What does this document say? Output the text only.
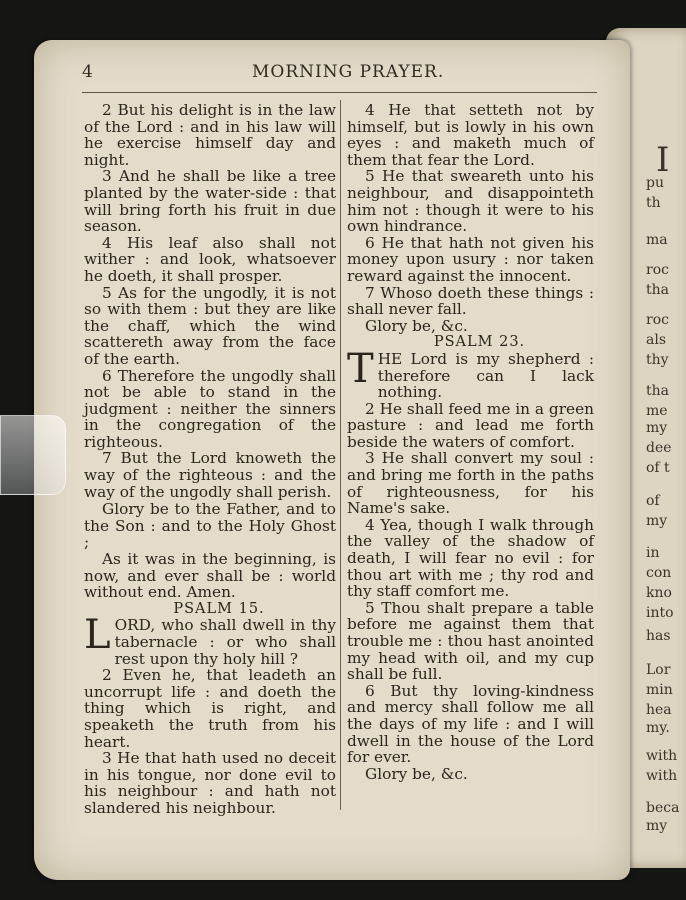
I
pu
th
ma
roc
tha
roc
als
thy
tha
me
my
dee
of t
of
my
in
con
kno
into
has
Lor
min
hea
my.
with
with
beca
my
4	MORNING PRAYER.

2 But his delight is in the law of the Lord : and in his law will he exercise himself day and night.

3 And he shall be like a tree planted by the water-side : that will bring forth his fruit in due season.

4 His leaf also shall not wither : and look, whatsoever he doeth, it shall prosper.

5 As for the ungodly, it is not so with them : but they are like the chaff, which the wind scattereth away from the face of the earth.

6 Therefore the ungodly shall not be able to stand in the judgment : neither the sinners in the congregation of the righteous.

7 But the Lord knoweth the way of the righteous : and the way of the ungodly shall perish.

Glory be to the Father, and to the Son : and to the Holy Ghost ;

As it was in the beginning, is now, and ever shall be : world without end. Amen.

PSALM 15.

LORD, who shall dwell in thy tabernacle : or who shall rest upon thy holy hill ?

2 Even he, that leadeth an uncorrupt life : and doeth the thing which is right, and speaketh the truth from his heart.

3 He that hath used no deceit in his tongue, nor done evil to his neighbour : and hath not slandered his neighbour.

4 He that setteth not by himself, but is lowly in his own eyes : and maketh much of them that fear the Lord.

5 He that sweareth unto his neighbour, and disappointeth him not : though it were to his own hindrance.

6 He that hath not given his money upon usury : nor taken reward against the innocent.

7 Whoso doeth these things : shall never fall.

Glory be, &c.

PSALM 23.

THE Lord is my shepherd : therefore can I lack nothing.

2 He shall feed me in a green pasture : and lead me forth beside the waters of comfort.

3 He shall convert my soul : and bring me forth in the paths of righteousness, for his Name's sake.

4 Yea, though I walk through the valley of the shadow of death, I will fear no evil : for thou art with me ; thy rod and thy staff comfort me.

5 Thou shalt prepare a table before me against them that trouble me : thou hast anointed my head with oil, and my cup shall be full.

6 But thy loving-kindness and mercy shall follow me all the days of my life : and I will dwell in the house of the Lord for ever.

Glory be, &c.
